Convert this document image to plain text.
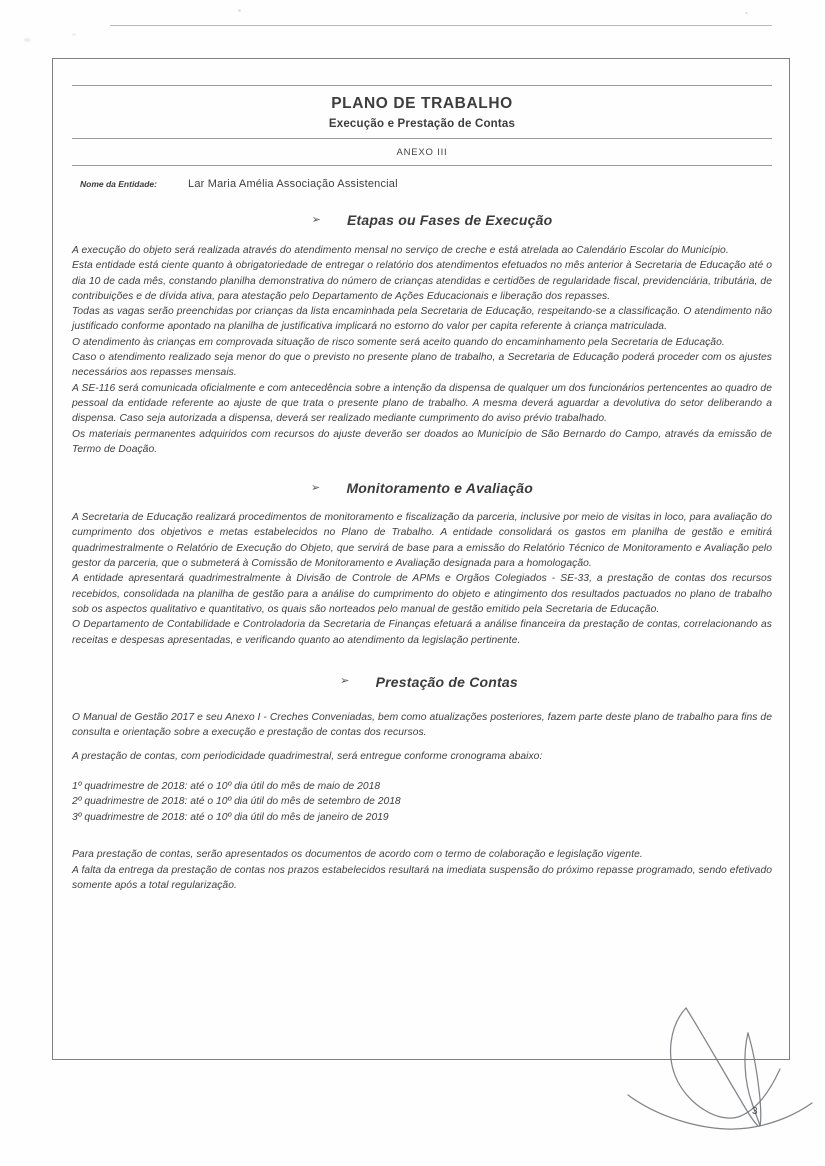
PLANO DE TRABALHO
Execução e Prestação de Contas
ANEXO III
Nome da Entidade:	Lar Maria Amélia Associação Assistencial
➢ Etapas ou Fases de Execução

A execução do objeto será realizada através do atendimento mensal no serviço de creche e está atrelada ao Calendário Escolar do Município.

Esta entidade está ciente quanto à obrigatoriedade de entregar o relatório dos atendimentos efetuados no mês anterior à Secretaria de Educação até o dia 10 de cada mês, constando planilha demonstrativa do número de crianças atendidas e certidões de regularidade fiscal, previdenciária, tributária, de contribuições e de dívida ativa, para atestação pelo Departamento de Ações Educacionais e liberação dos repasses.

Todas as vagas serão preenchidas por crianças da lista encaminhada pela Secretaria de Educação, respeitando-se a classificação. O atendimento não justificado conforme apontado na planilha de justificativa implicará no estorno do valor per capita referente à criança matriculada.

O atendimento às crianças em comprovada situação de risco somente será aceito quando do encaminhamento pela Secretaria de Educação.

Caso o atendimento realizado seja menor do que o previsto no presente plano de trabalho, a Secretaria de Educação poderá proceder com os ajustes necessários aos repasses mensais.

A SE-116 será comunicada oficialmente e com antecedência sobre a intenção da dispensa de qualquer um dos funcionários pertencentes ao quadro de pessoal da entidade referente ao ajuste de que trata o presente plano de trabalho. A mesma deverá aguardar a devolutiva do setor deliberando a dispensa. Caso seja autorizada a dispensa, deverá ser realizado mediante cumprimento do aviso prévio trabalhado.

Os materiais permanentes adquiridos com recursos do ajuste deverão ser doados ao Município de São Bernardo do Campo, através da emissão de Termo de Doação.

➢ Monitoramento e Avaliação

A Secretaria de Educação realizará procedimentos de monitoramento e fiscalização da parceria, inclusive por meio de visitas in loco, para avaliação do cumprimento dos objetivos e metas estabelecidos no Plano de Trabalho. A entidade consolidará os gastos em planilha de gestão e emitirá quadrimestralmente o Relatório de Execução do Objeto, que servirá de base para a emissão do Relatório Técnico de Monitoramento e Avaliação pelo gestor da parceria, que o submeterá à Comissão de Monitoramento e Avaliação designada para a homologação.

A entidade apresentará quadrimestralmente à Divisão de Controle de APMs e Orgãos Colegiados - SE-33, a prestação de contas dos recursos recebidos, consolidada na planilha de gestão para a análise do cumprimento do objeto e atingimento dos resultados pactuados no plano de trabalho sob os aspectos qualitativo e quantitativo, os quais são norteados pelo manual de gestão emitido pela Secretaria de Educação.

O Departamento de Contabilidade e Controladoria da Secretaria de Finanças efetuará a análise financeira da prestação de contas, correlacionando as receitas e despesas apresentadas, e verificando quanto ao atendimento da legislação pertinente.

➢ Prestação de Contas

O Manual de Gestão 2017 e seu Anexo I - Creches Conveniadas, bem como atualizações posteriores, fazem parte deste plano de trabalho para fins de consulta e orientação sobre a execução e prestação de contas dos recursos.

A prestação de contas, com periodicidade quadrimestral, será entregue conforme cronograma abaixo:

1º quadrimestre de 2018: até o 10º dia útil do mês de maio de 2018

2º quadrimestre de 2018: até o 10º dia útil do mês de setembro de 2018

3º quadrimestre de 2018: até o 10º dia útil do mês de janeiro de 2019

Para prestação de contas, serão apresentados os documentos de acordo com o termo de colaboração e legislação vigente.

A falta da entrega da prestação de contas nos prazos estabelecidos resultará na imediata suspensão do próximo repasse programado, sendo efetivado somente após a total regularização.

3
